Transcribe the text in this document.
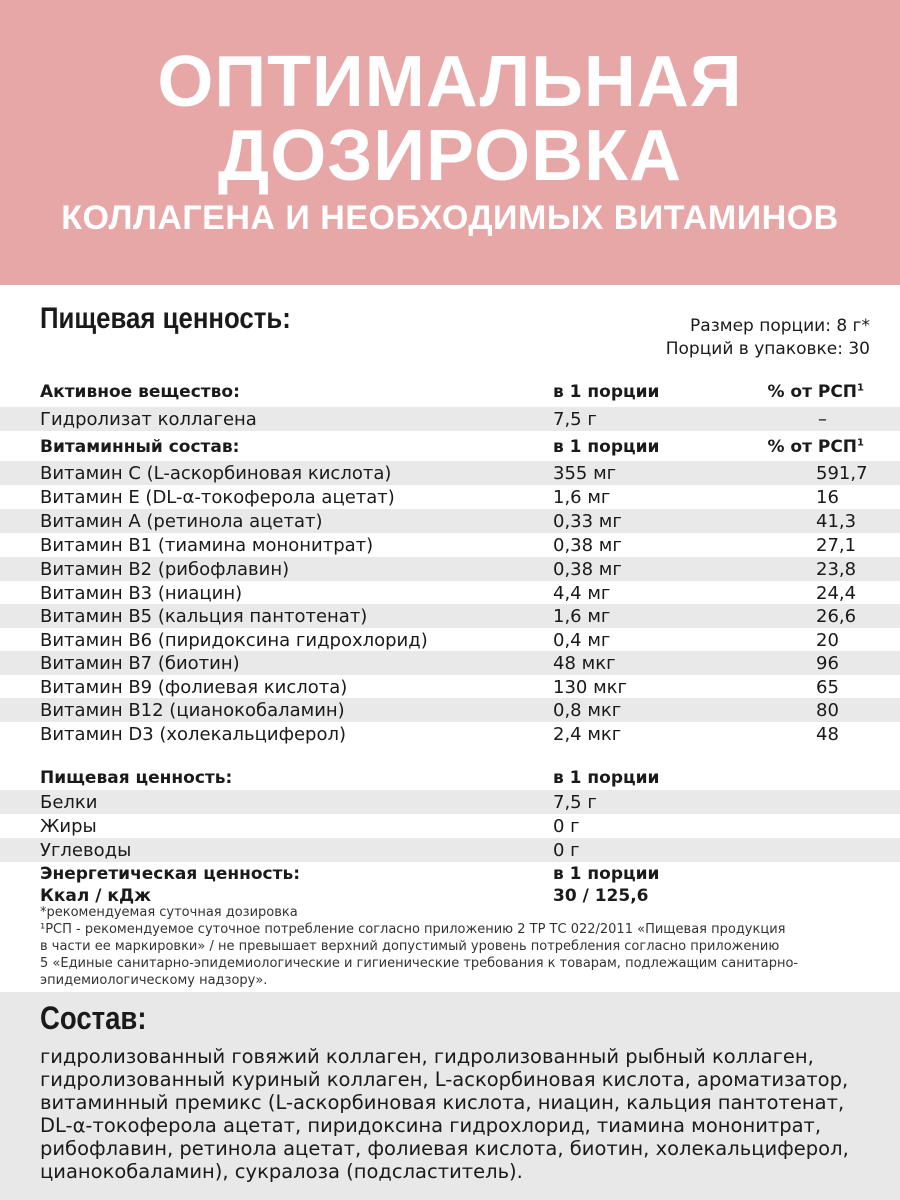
ОПТИМАЛЬНАЯ
ДОЗИРОВКА
КОЛЛАГЕНА И НЕОБХОДИМЫХ ВИТАМИНОВ
Пищевая ценность:	Размер порции: 8 г*
Порций в упаковке: 30
Активное вещество:	в 1 порции	% от РСП$^1$
Гидролизат коллагена	7,5 г	–
Витаминный состав:	в 1 порции	% от РСП$^1$
Витамин С (L-аскорбиновая кислота)	355 мг	591,7
Витамин Е (DL-α-токоферола ацетат)	1,6 мг	16
Витамин А (ретинола ацетат)	0,33 мг	41,3
Витамин В1 (тиамина мононитрат)	0,38 мг	27,1
Витамин В2 (рибофлавин)	0,38 мг	23,8
Витамин В3 (ниацин)	4,4 мг	24,4
Витамин В5 (кальция пантотенат)	1,6 мг	26,6
Витамин В6 (пиридоксина гидрохлорид)	0,4 мг	20
Витамин В7 (биотин)	48 мкг	96
Витамин В9 (фолиевая кислота)	130 мкг	65
Витамин В12 (цианокобаламин)	0,8 мкг	80
Витамин D3 (холекальциферол)	2,4 мкг	48
Пищевая ценность:	в 1 порции
Белки	7,5 г
Жиры	0 г
Углеводы	0 г
Энергетическая ценность:	в 1 порции
Ккал / кДж	30 / 125,6
*рекомендуемая суточная дозировка
¹РСП - рекомендуемое суточное потребление согласно приложению 2 ТР ТС 022/2011 «Пищевая продукция
в части ее маркировки» / не превышает верхний допустимый уровень потребления согласно приложению
5 «Единые санитарно-эпидемиологические и гигиенические требования к товарам, подлежащим санитарно-
эпидемиологическому надзору».
Состав:
гидролизованный говяжий коллаген, гидролизованный рыбный коллаген,
гидролизованный куриный коллаген, L-аскорбиновая кислота, ароматизатор,
витаминный премикс (L-аскорбиновая кислота, ниацин, кальция пантотенат,
DL-α-токоферола ацетат, пиридоксина гидрохлорид, тиамина мононитрат,
рибофлавин, ретинола ацетат, фолиевая кислота, биотин, холекальциферол,
цианокобаламин), сукралоза (подсластитель).
